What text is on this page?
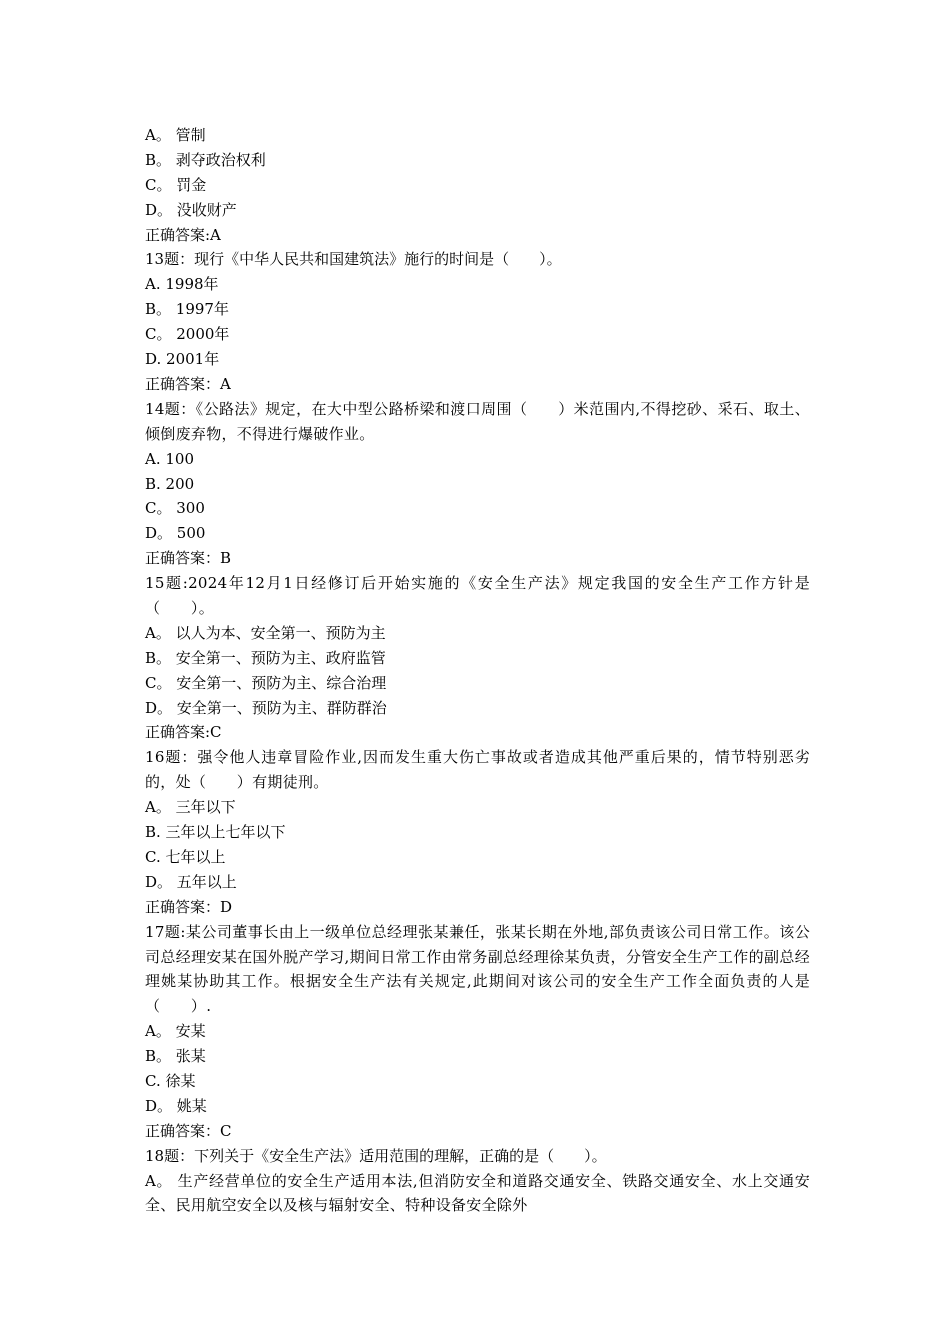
A。 管制
B。 剥夺政治权利
C。 罚金
D。 没收财产
正确答案:A
13题：现行《中华人民共和国建筑法》施行的时间是（　　）。
A. 1998年
B。 1997年
C。 2000年
D. 2001年
正确答案：A
14题：《公路法》规定，在大中型公路桥梁和渡口周围（　　）米范围内,不得挖砂、采石、取土、倾倒废弃物，不得进行爆破作业。
A. 100
B. 200
C。 300
D。 500
正确答案：B
15题:2024年12月1日经修订后开始实施的《安全生产法》规定我国的安全生产工作方针是（　　）。
A。 以人为本、安全第一、预防为主
B。 安全第一、预防为主、政府监管
C。 安全第一、预防为主、综合治理
D。 安全第一、预防为主、群防群治
正确答案:C
16题：强令他人违章冒险作业,因而发生重大伤亡事故或者造成其他严重后果的，情节特别恶劣的，处（　　）有期徒刑。
A。 三年以下
B. 三年以上七年以下
C. 七年以上
D。 五年以上
正确答案：D
17题:某公司董事长由上一级单位总经理张某兼任，张某长期在外地,部负责该公司日常工作。该公司总经理安某在国外脱产学习,期间日常工作由常务副总经理徐某负责，分管安全生产工作的副总经理姚某协助其工作。根据安全生产法有关规定,此期间对该公司的安全生产工作全面负责的人是（　　）.
A。 安某
B。 张某
C. 徐某
D。 姚某
正确答案：C
18题：下列关于《安全生产法》适用范围的理解，正确的是（　　）。
A。 生产经营单位的安全生产适用本法,但消防安全和道路交通安全、铁路交通安全、水上交通安全、民用航空安全以及核与辐射安全、特种设备安全除外
